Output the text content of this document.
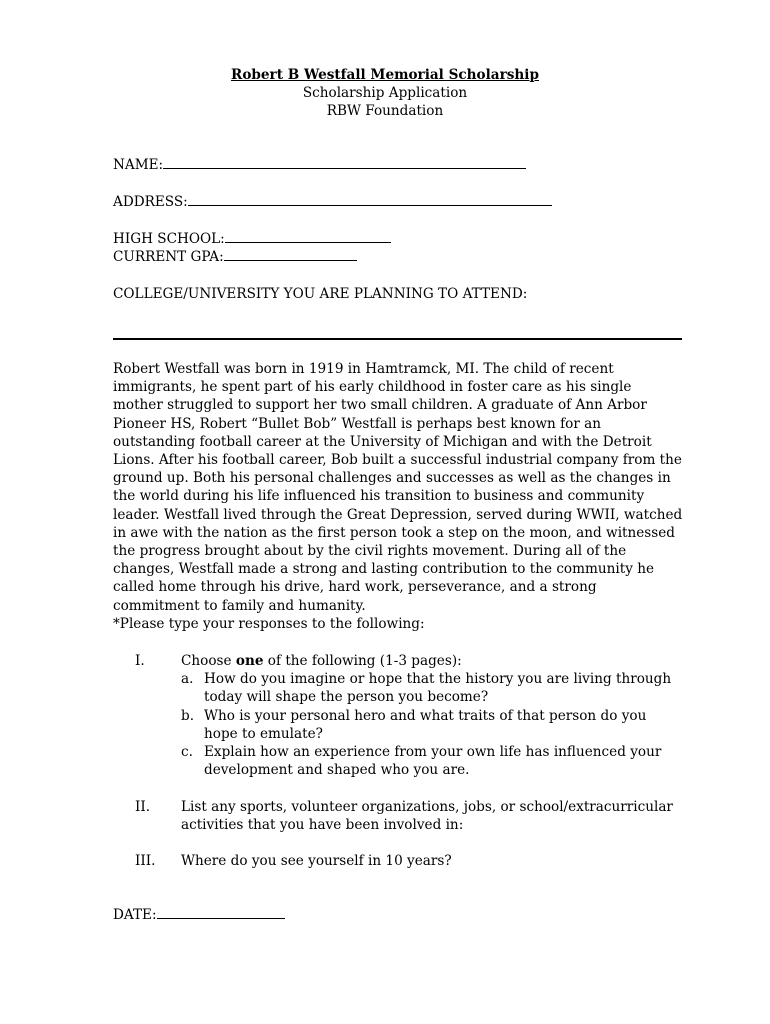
Robert B Westfall Memorial Scholarship
Scholarship Application
RBW Foundation
NAME:
ADDRESS:
HIGH SCHOOL:
CURRENT GPA:
COLLEGE/UNIVERSITY YOU ARE PLANNING TO ATTEND:
Robert Westfall was born in 1919 in Hamtramck, MI. The child of recent immigrants, he spent part of his early childhood in foster care as his single mother struggled to support her two small children. A graduate of Ann Arbor Pioneer HS, Robert “Bullet Bob” Westfall is perhaps best known for an outstanding football career at the University of Michigan and with the Detroit Lions. After his football career, Bob built a successful industrial company from the ground up. Both his personal challenges and successes as well as the changes in the world during his life influenced his transition to business and community leader. Westfall lived through the Great Depression, served during WWII, watched in awe with the nation as the first person took a step on the moon, and witnessed the progress brought about by the civil rights movement. During all of the changes, Westfall made a strong and lasting contribution to the community he called home through his drive, hard work, perseverance, and a strong commitment to family and humanity.
*Please type your responses to the following:
I.	Choose one of the following (1-3 pages):
a. How do you imagine or hope that the history you are living through today will shape the person you become?
b. Who is your personal hero and what traits of that person do you hope to emulate?
c. Explain how an experience from your own life has influenced your development and shaped who you are.
II. List any sports, volunteer organizations, jobs, or school/extracurricular activities that you have been involved in:
III. Where do you see yourself in 10 years?
DATE:
